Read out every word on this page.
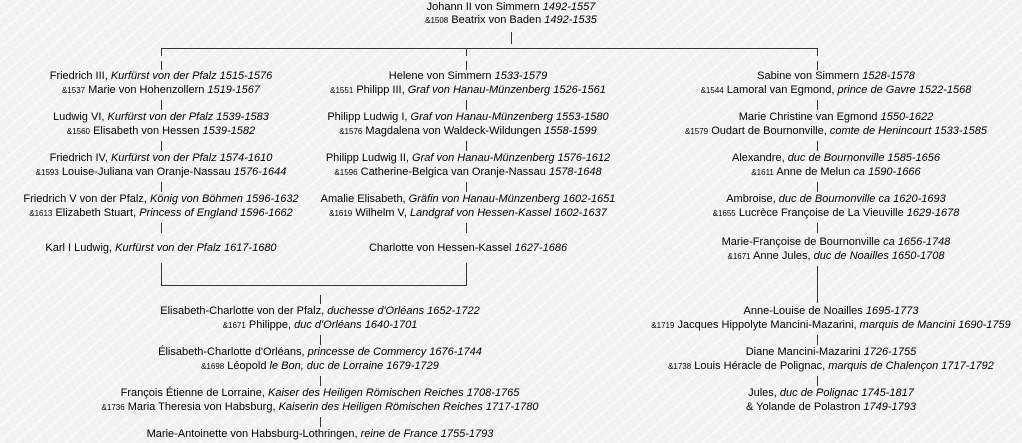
Johann II von Simmern 1492-1557
&1508 Beatrix von Baden 1492-1535
Friedrich III, Kurfürst von der Pfalz 1515-1576
&1537 Marie von Hohenzollern 1519-1567
Ludwig VI, Kurfürst von der Pfalz 1539-1583
&1560 Elisabeth von Hessen 1539-1582
Friedrich IV, Kurfürst von der Pfalz 1574-1610
&1593 Louise-Juliana van Oranje-Nassau 1576-1644
Friedrich V von der Pfalz, König von Böhmen 1596-1632
&1613 Elizabeth Stuart, Princess of England 1596-1662
Karl I Ludwig, Kurfürst von der Pfalz 1617-1680
Helene von Simmern 1533-1579
&1551 Philipp III, Graf von Hanau-Münzenberg 1526-1561
Philipp Ludwig I, Graf von Hanau-Münzenberg 1553-1580
&1576 Magdalena von Waldeck-Wildungen 1558-1599
Philipp Ludwig II, Graf von Hanau-Münzenberg 1576-1612
&1596 Catherine-Belgica van Oranje-Nassau 1578-1648
Amalie Elisabeth, Gräfin von Hanau-Münzenberg 1602-1651
&1619 Wilhelm V, Landgraf von Hessen-Kassel 1602-1637
Charlotte von Hessen-Kassel 1627-1686
Sabine von Simmern 1528-1578
&1544 Lamoral van Egmond, prince de Gavre 1522-1568
Marie Christine van Egmond 1550-1622
&1579 Oudart de Bournonville, comte de Henincourt 1533-1585
Alexandre, duc de Bournonville 1585-1656
&1611 Anne de Melun ca 1590-1666
Ambroise, duc de Bournonville ca 1620-1693
&1655 Lucrèce Françoise de La Vieuville 1629-1678
Marie-Françoise de Bournonville ca 1656-1748
&1671 Anne Jules, duc de Noailles 1650-1708
Elisabeth-Charlotte von der Pfalz, duchesse d'Orléans 1652-1722
&1671 Philippe, duc d'Orléans 1640-1701
Élisabeth-Charlotte d'Orléans, princesse de Commercy 1676-1744
&1698 Léopold le Bon, duc de Lorraine 1679-1729
François Étienne de Lorraine, Kaiser des Heiligen Römischen Reiches 1708-1765
&1736 Maria Theresia von Habsburg, Kaiserin des Heiligen Römischen Reiches 1717-1780
Marie-Antoinette von Habsburg-Lothringen, reine de France 1755-1793
Anne-Louise de Noailles 1695-1773
&1719 Jacques Hippolyte Mancini-Mazarini, marquis de Mancini 1690-1759
Diane Mancini-Mazarini 1726-1755
&1738 Louis Héracle de Polignac, marquis de Chalençon 1717-1792
Jules, duc de Polignac 1745-1817
& Yolande de Polastron 1749-1793
